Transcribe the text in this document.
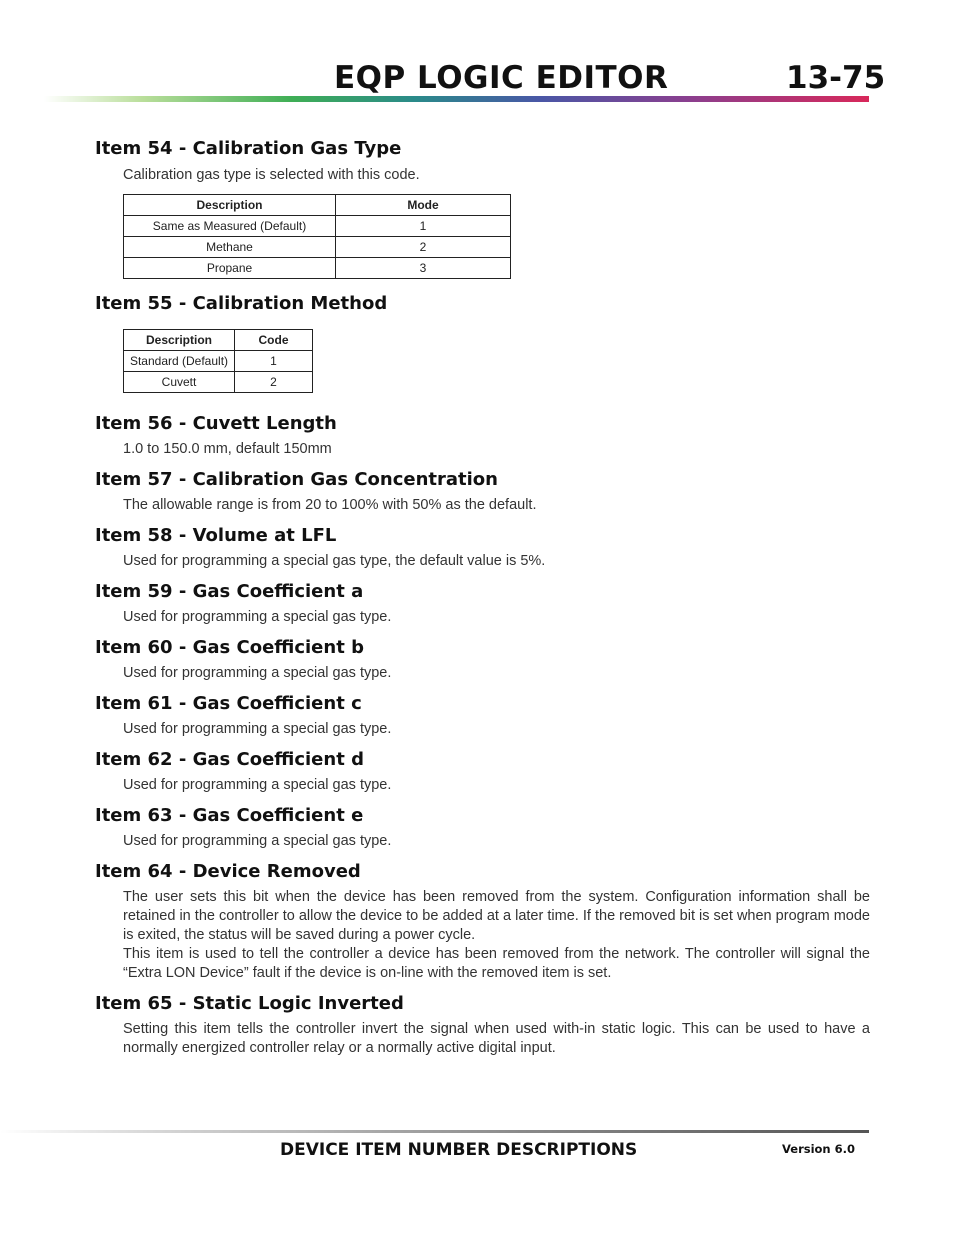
EQP LOGIC EDITOR	13-75
Item 54 - Calibration Gas Type

Calibration gas type is selected with this code.

Description	Mode
Same as Measured (Default)	1
Methane	2
Propane	3
Item 55 - Calibration Method
Description	Code
Standard (Default)	1
Cuvett	2
Item 56 - Cuvett Length

1.0 to 150.0 mm, default 150mm

Item 57 - Calibration Gas Concentration

The allowable range is from 20 to 100% with 50% as the default.

Item 58 - Volume at LFL

Used for programming a special gas type, the default value is 5%.

Item 59 - Gas Coefficient a

Used for programming a special gas type.

Item 60 - Gas Coefficient b

Used for programming a special gas type.

Item 61 - Gas Coefficient c

Used for programming a special gas type.

Item 62 - Gas Coefficient d

Used for programming a special gas type.

Item 63 - Gas Coefficient e

Used for programming a special gas type.

Item 64 - Device Removed

The user sets this bit when the device has been removed from the system. Configuration information shall be retained in the controller to allow the device to be added at a later time. If the removed bit is set when program mode is exited, the status will be saved during a power cycle.

This item is used to tell the controller a device has been removed from the network. The controller will signal the “Extra LON Device” fault if the device is on-line with the removed item is set.

Item 65 - Static Logic Inverted

Setting this item tells the controller invert the signal when used with-in static logic. This can be used to have a normally energized controller relay or a normally active digital input.

DEVICE ITEM NUMBER DESCRIPTIONS	Version 6.0
